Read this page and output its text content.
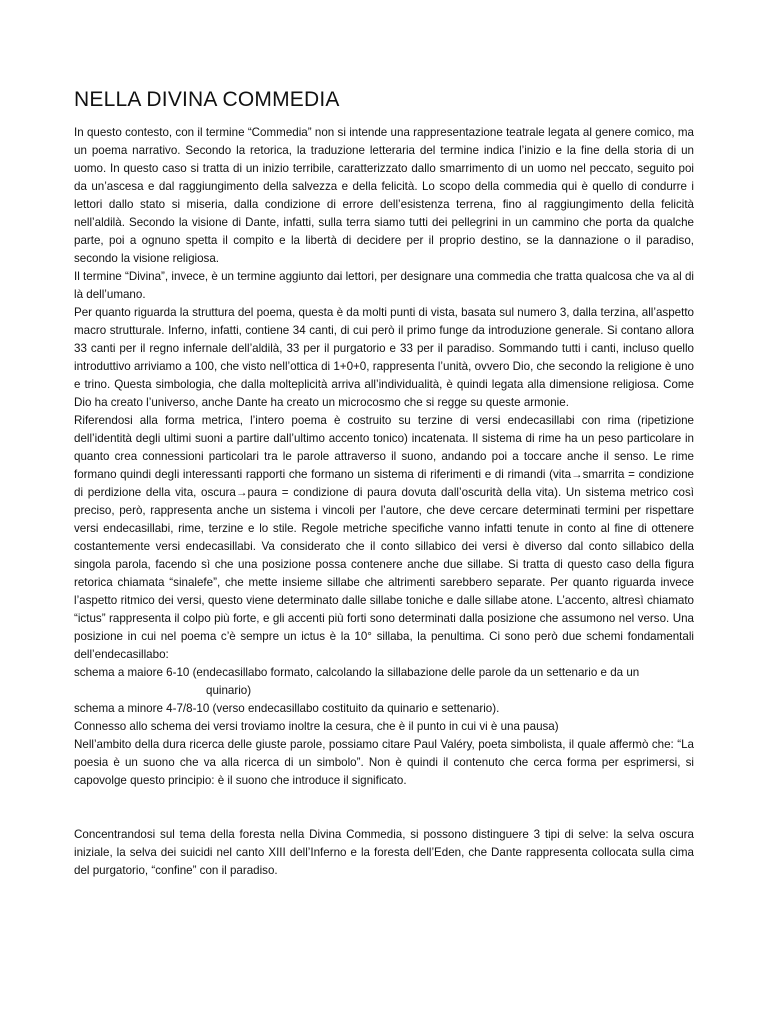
NELLA DIVINA COMMEDIA

In questo contesto, con il termine “Commedia” non si intende una rappresentazione teatrale legata al genere comico, ma un poema narrativo. Secondo la retorica, la traduzione letteraria del termine indica l’inizio e la fine della storia di un uomo. In questo caso si tratta di un inizio terribile, caratterizzato dallo smarrimento di un uomo nel peccato, seguito poi da un’ascesa e dal raggiungimento della salvezza e della felicità. Lo scopo della commedia qui è quello di condurre i lettori dallo stato si miseria, dalla condizione di errore dell’esistenza terrena, fino al raggiungimento della felicità nell’aldilà. Secondo la visione di Dante, infatti, sulla terra siamo tutti dei pellegrini in un cammino che porta da qualche parte, poi a ognuno spetta il compito e la libertà di decidere per il proprio destino, se la dannazione o il paradiso, secondo la visione religiosa.

Il termine “Divina”, invece, è un termine aggiunto dai lettori, per designare una commedia che tratta qualcosa che va al di là dell’umano.

Per quanto riguarda la struttura del poema, questa è da molti punti di vista, basata sul numero 3, dalla terzina, all’aspetto macro strutturale. Inferno, infatti, contiene 34 canti, di cui però il primo funge da introduzione generale. Si contano allora 33 canti per il regno infernale dell’aldilà, 33 per il purgatorio e 33 per il paradiso. Sommando tutti i canti, incluso quello introduttivo arriviamo a 100, che visto nell’ottica di 1+0+0, rappresenta l’unità, ovvero Dio, che secondo la religione è uno e trino. Questa simbologia, che dalla molteplicità arriva all’individualità, è quindi legata alla dimensione religiosa. Come Dio ha creato l’universo, anche Dante ha creato un microcosmo che si regge su queste armonie.

Riferendosi alla forma metrica, l’intero poema è costruito su terzine di versi endecasillabi con rima (ripetizione dell’identità degli ultimi suoni a partire dall’ultimo accento tonico) incatenata. Il sistema di rime ha un peso particolare in quanto crea connessioni particolari tra le parole attraverso il suono, andando poi a toccare anche il senso. Le rime formano quindi degli interessanti rapporti che formano un sistema di riferimenti e di rimandi (vita→smarrita = condizione di perdizione della vita, oscura→paura = condizione di paura dovuta dall’oscurità della vita). Un sistema metrico così preciso, però, rappresenta anche un sistema i vincoli per l’autore, che deve cercare determinati termini per rispettare versi endecasillabi, rime, terzine e lo stile. Regole metriche specifiche vanno infatti tenute in conto al fine di ottenere costantemente versi endecasillabi. Va considerato che il conto sillabico dei versi è diverso dal conto sillabico della singola parola, facendo sì che una posizione possa contenere anche due sillabe. Si tratta di questo caso della figura retorica chiamata “sinalefe”, che mette insieme sillabe che altrimenti sarebbero separate. Per quanto riguarda invece l’aspetto ritmico dei versi, questo viene determinato dalle sillabe toniche e dalle sillabe atone. L’accento, altresì chiamato “ictus” rappresenta il colpo più forte, e gli accenti più forti sono determinati dalla posizione che assumono nel verso. Una posizione in cui nel poema c’è sempre un ictus è la 10° sillaba, la penultima. Ci sono però due schemi fondamentali dell’endecasillabo:

schema a maiore 6-10 (endecasillabo formato, calcolando la sillabazione delle parole da un settenario e da un

quinario)

schema a minore 4-7/8-10 (verso endecasillabo costituito da quinario e settenario).

Connesso allo schema dei versi troviamo inoltre la cesura, che è il punto in cui vi è una pausa)

Nell’ambito della dura ricerca delle giuste parole, possiamo citare Paul Valéry, poeta simbolista, il quale affermò che: “La poesia è un suono che va alla ricerca di un simbolo”. Non è quindi il contenuto che cerca forma per esprimersi, si capovolge questo principio: è il suono che introduce il significato.

Concentrandosi sul tema della foresta nella Divina Commedia, si possono distinguere 3 tipi di selve: la selva oscura iniziale, la selva dei suicidi nel canto XIII dell’Inferno e la foresta dell’Eden, che Dante rappresenta collocata sulla cima del purgatorio, “confine” con il paradiso.
